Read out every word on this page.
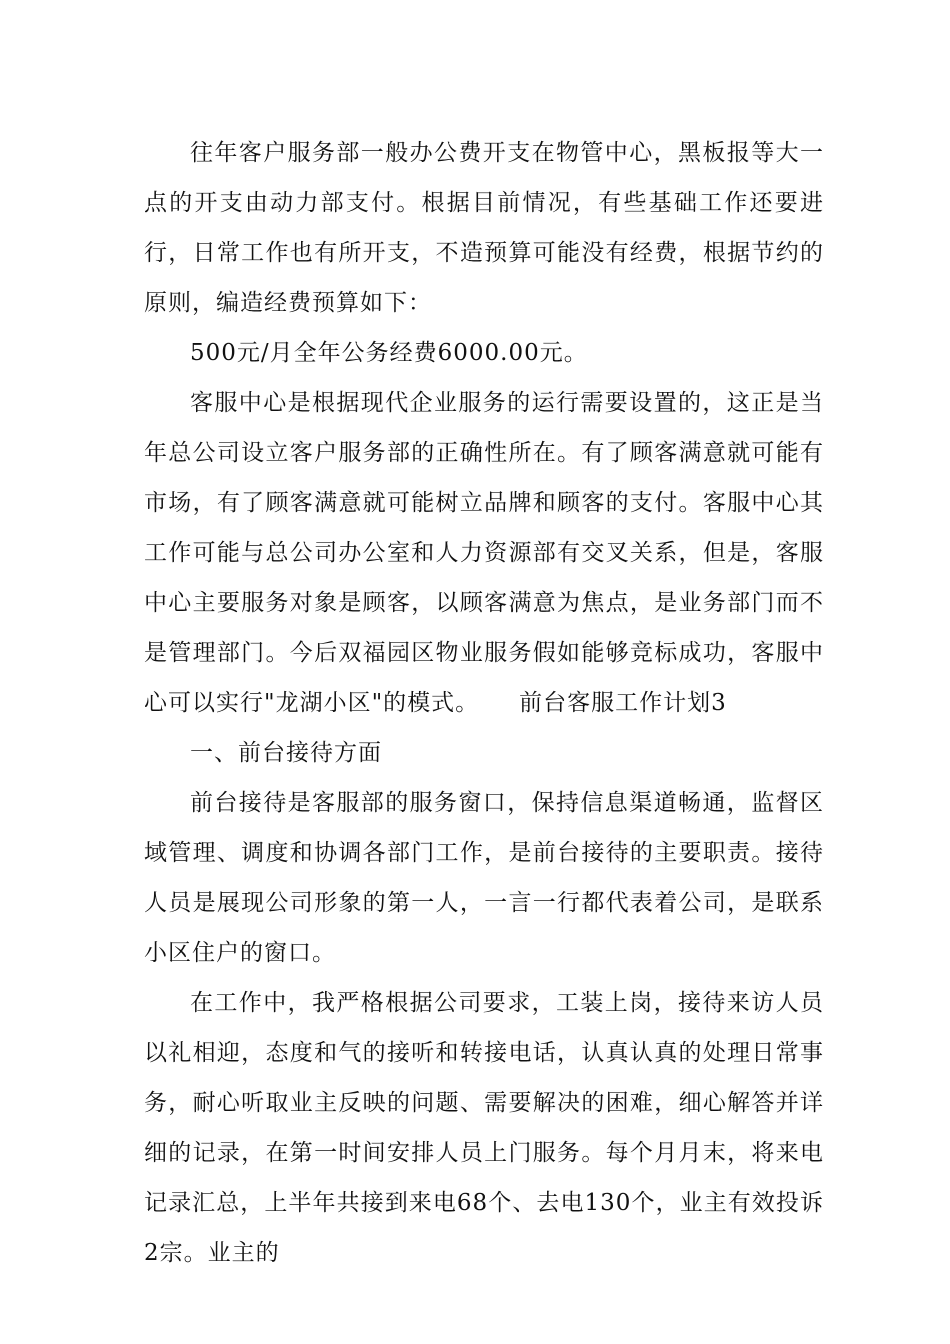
往年客户服务部一般办公费开支在物管中心，黑板报等大一点的开支由动力部支付。根据目前情况，有些基础工作还要进行，日常工作也有所开支，不造预算可能没有经费，根据节约的原则，编造经费预算如下：

500元/月全年公务经费6000.00元。

客服中心是根据现代企业服务的运行需要设置的，这正是当年总公司设立客户服务部的正确性所在。有了顾客满意就可能有市场，有了顾客满意就可能树立品牌和顾客的支付。客服中心其工作可能与总公司办公室和人力资源部有交叉关系，但是，客服中心主要服务对象是顾客，以顾客满意为焦点，是业务部门而不是管理部门。今后双福园区物业服务假如能够竞标成功，客服中心可以实行"龙湖小区"的模式。 前台客服工作计划3

一、前台接待方面

前台接待是客服部的服务窗口，保持信息渠道畅通，监督区域管理、调度和协调各部门工作，是前台接待的主要职责。接待人员是展现公司形象的第一人，一言一行都代表着公司，是联系小区住户的窗口。

在工作中，我严格根据公司要求，工装上岗，接待来访人员以礼相迎，态度和气的接听和转接电话，认真认真的处理日常事务，耐心听取业主反映的问题、需要解决的困难，细心解答并详细的记录，在第一时间安排人员上门服务。每个月月末，将来电记录汇总，上半年共接到来电68个、去电130个，业主有效投诉2宗。业主的
